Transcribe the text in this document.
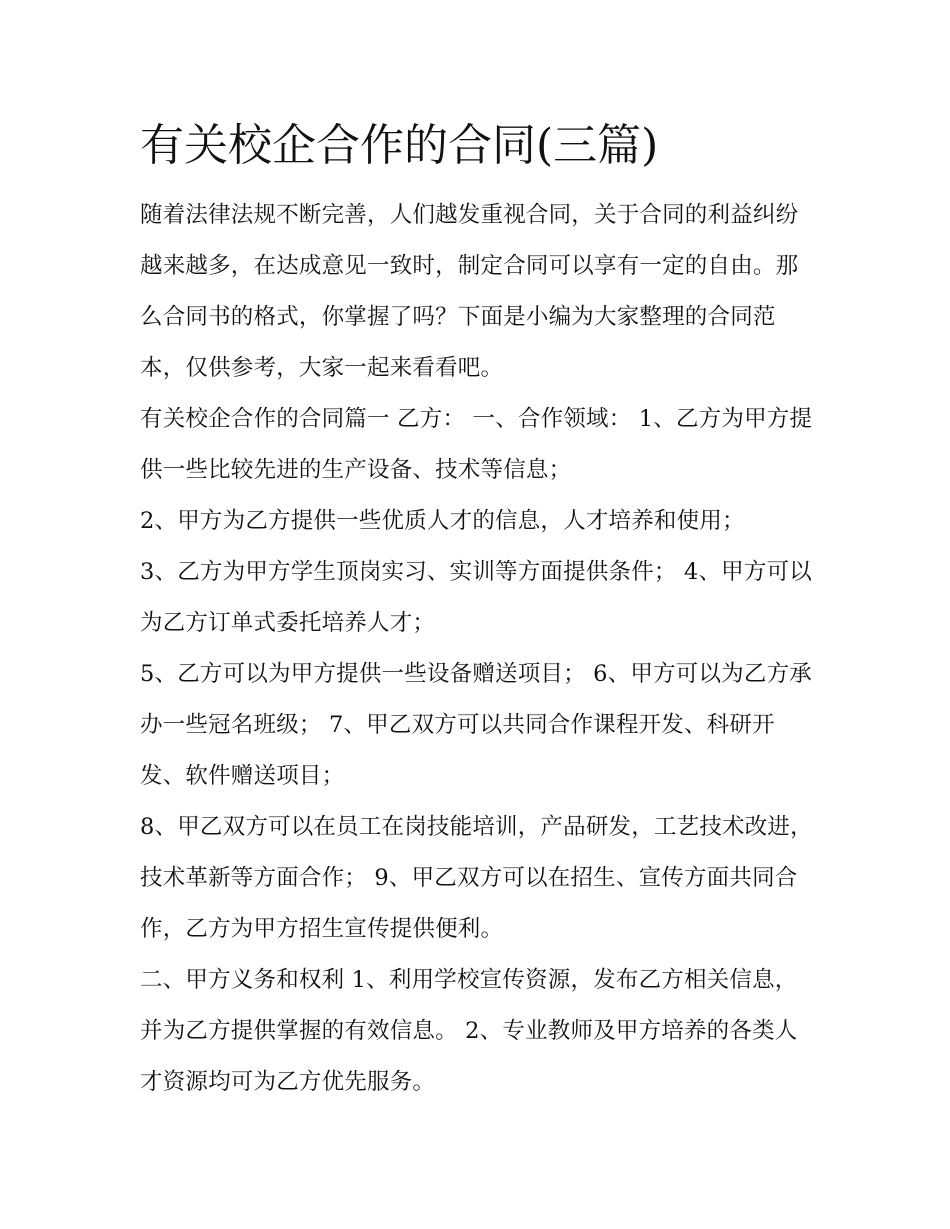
有关校企合作的合同(三篇)

随着法律法规不断完善，人们越发重视合同，关于合同的利益纠纷越来越多，在达成意见一致时，制定合同可以享有一定的自由。那么合同书的格式，你掌握了吗？下面是小编为大家整理的合同范本，仅供参考，大家一起来看看吧。

有关校企合作的合同篇一 乙方： 一、合作领域： 1、乙方为甲方提供一些比较先进的生产设备、技术等信息；

2、甲方为乙方提供一些优质人才的信息，人才培养和使用；

3、乙方为甲方学生顶岗实习、实训等方面提供条件； 4、甲方可以为乙方订单式委托培养人才；

5、乙方可以为甲方提供一些设备赠送项目； 6、甲方可以为乙方承办一些冠名班级； 7、甲乙双方可以共同合作课程开发、科研开发、软件赠送项目；

8、甲乙双方可以在员工在岗技能培训，产品研发，工艺技术改进，技术革新等方面合作； 9、甲乙双方可以在招生、宣传方面共同合作，乙方为甲方招生宣传提供便利。

二、甲方义务和权利 1、利用学校宣传资源，发布乙方相关信息，并为乙方提供掌握的有效信息。 2、专业教师及甲方培养的各类人才资源均可为乙方优先服务。
